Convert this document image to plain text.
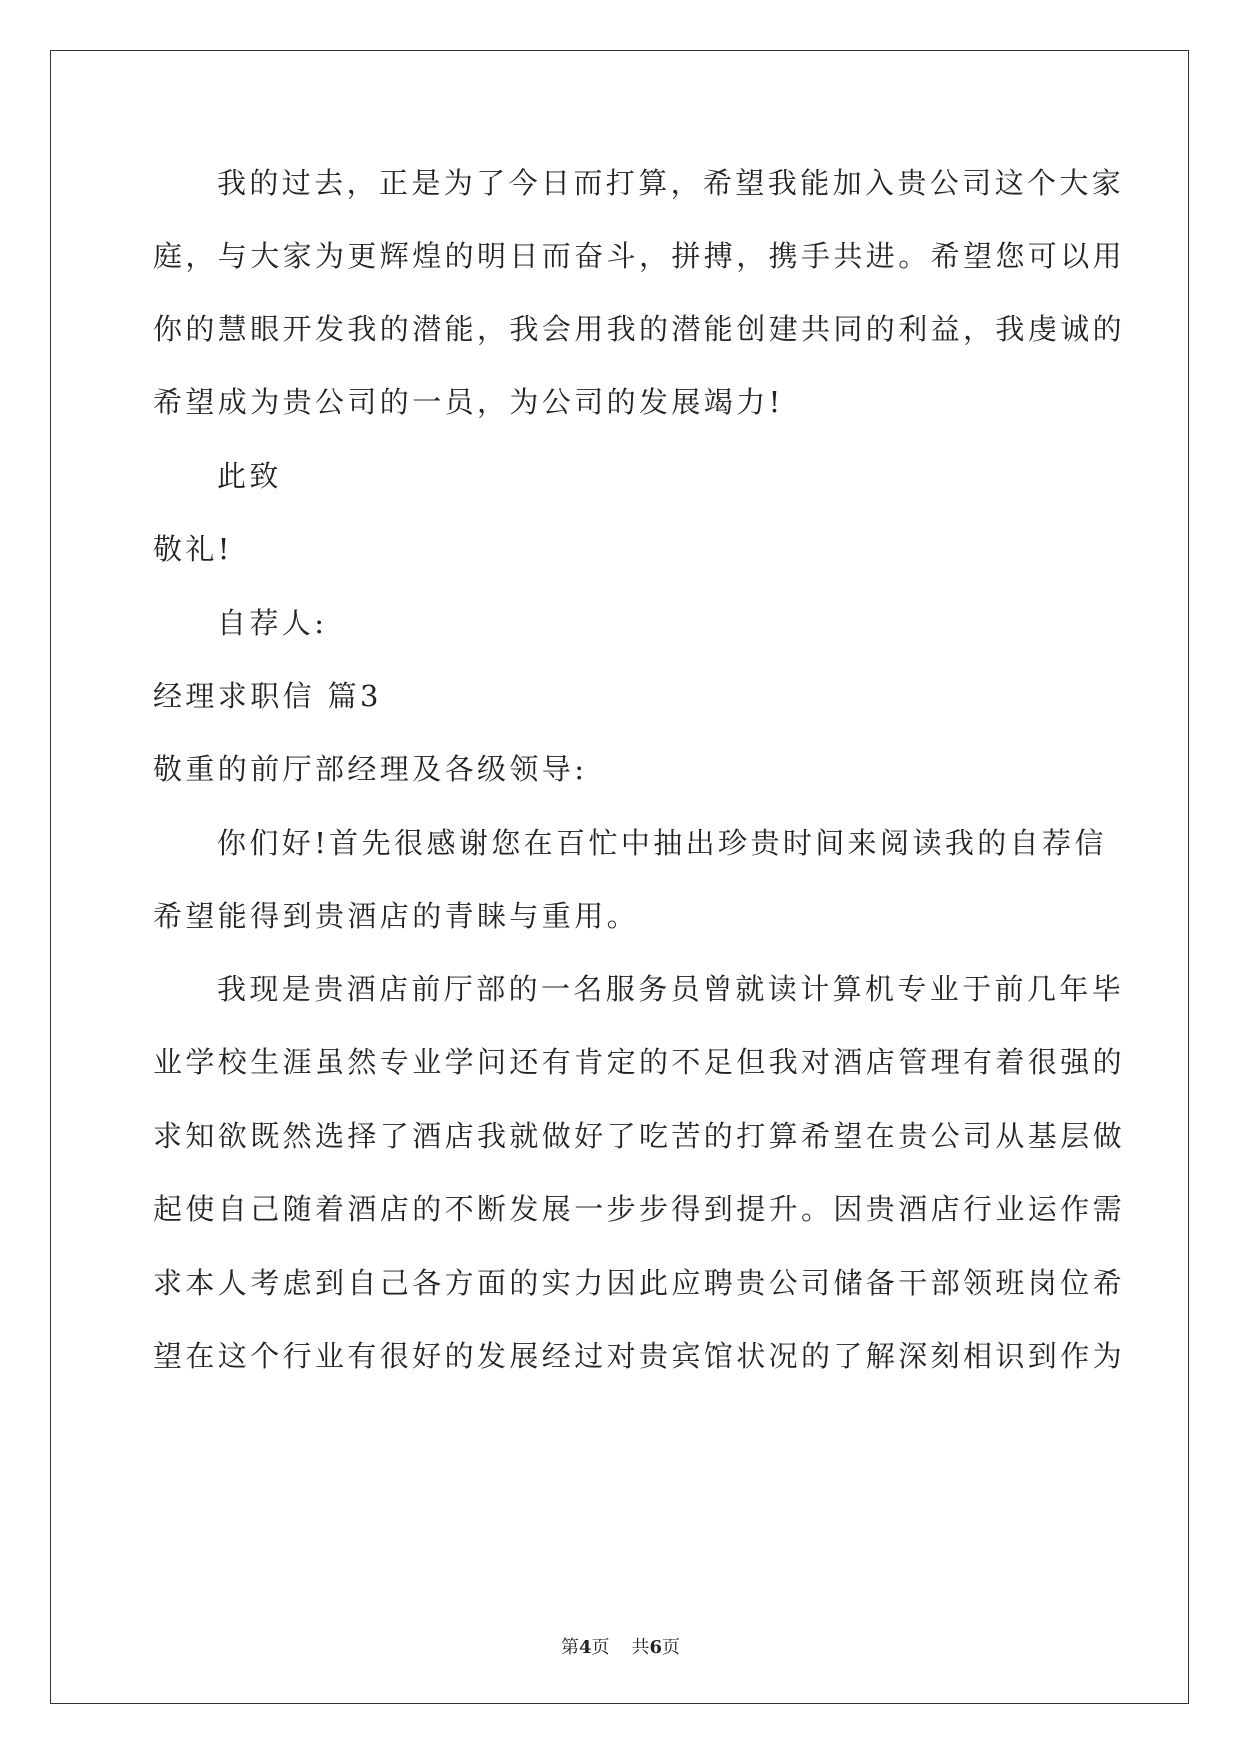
我的过去，正是为了今日而打算，希望我能加入贵公司这个大家
庭，与大家为更辉煌的明日而奋斗，拼搏，携手共进。希望您可以用
你的慧眼开发我的潜能，我会用我的潜能创建共同的利益，我虔诚的
希望成为贵公司的一员，为公司的发展竭力!
此致
敬礼!
自荐人:
经理求职信 篇3
敬重的前厅部经理及各级领导:
你们好!首先很感谢您在百忙中抽出珍贵时间来阅读我的自荐信
希望能得到贵酒店的青睐与重用。
我现是贵酒店前厅部的一名服务员曾就读计算机专业于前几年毕
业学校生涯虽然专业学问还有肯定的不足但我对酒店管理有着很强的
求知欲既然选择了酒店我就做好了吃苦的打算希望在贵公司从基层做
起使自己随着酒店的不断发展一步步得到提升。因贵酒店行业运作需
求本人考虑到自己各方面的实力因此应聘贵公司储备干部领班岗位希
望在这个行业有很好的发展经过对贵宾馆状况的了解深刻相识到作为
第4页 共6页
